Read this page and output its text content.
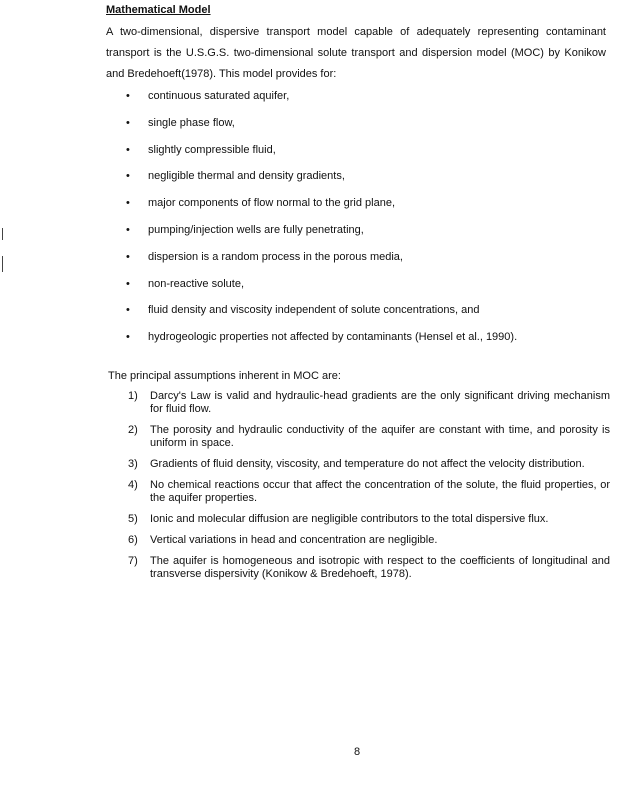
Mathematical Model
A two-dimensional, dispersive transport model capable of adequately representing contaminant transport is the U.S.G.S. two-dimensional solute transport and dispersion model (MOC) by Konikow and Bredehoeft(1978). This model provides for:
• continuous saturated aquifer,
• single phase flow,
• slightly compressible fluid,
• negligible thermal and density gradients,
• major components of flow normal to the grid plane,
• pumping/injection wells are fully penetrating,
• dispersion is a random process in the porous media,
• non-reactive solute,
• fluid density and viscosity independent of solute concentrations, and
• hydrogeologic properties not affected by contaminants (Hensel et al., 1990).
The principal assumptions inherent in MOC are:
1) Darcy's Law is valid and hydraulic-head gradients are the only significant driving mechanism for fluid flow.
2) The porosity and hydraulic conductivity of the aquifer are constant with time, and porosity is uniform in space.
3) Gradients of fluid density, viscosity, and temperature do not affect the velocity distribution.
4) No chemical reactions occur that affect the concentration of the solute, the fluid properties, or the aquifer properties.
5) Ionic and molecular diffusion are negligible contributors to the total dispersive flux.
6) Vertical variations in head and concentration are negligible.
7) The aquifer is homogeneous and isotropic with respect to the coefficients of longitudinal and transverse dispersivity (Konikow & Bredehoeft, 1978).
8
